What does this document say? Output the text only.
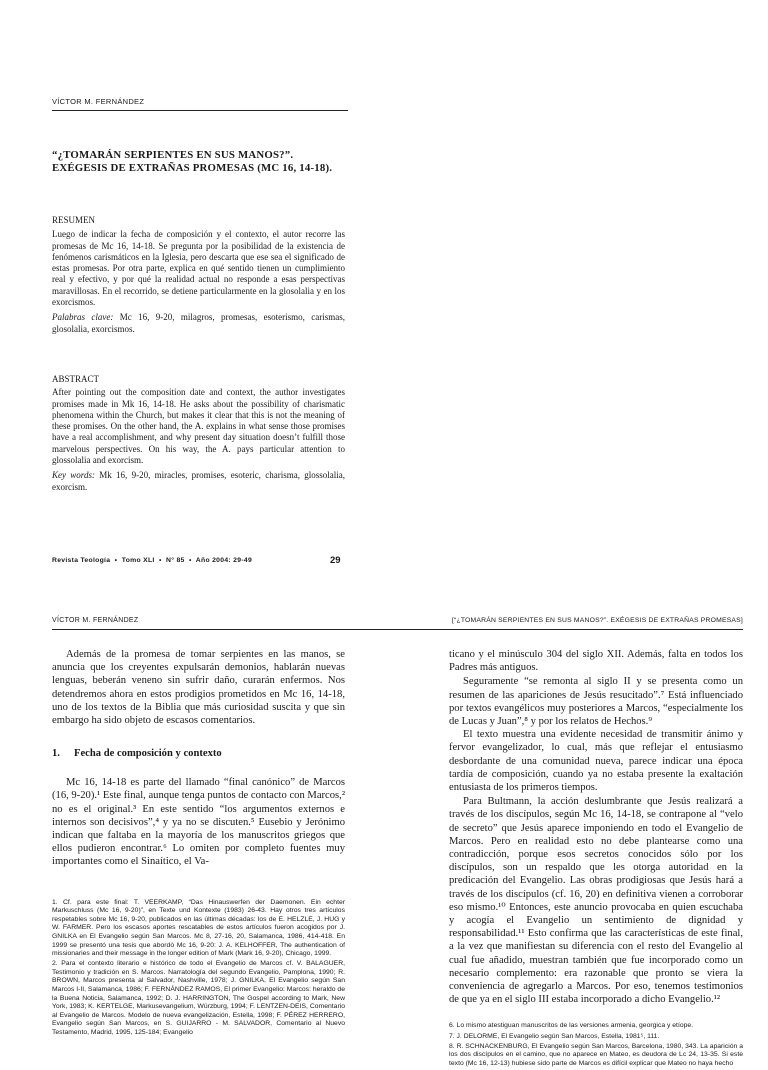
VÍCTOR M. FERNÁNDEZ
“¿TOMARÁN SERPIENTES EN SUS MANOS?”.
EXÉGESIS DE EXTRAÑAS PROMESAS (MC 16, 14-18).
RESUMEN

Luego de indicar la fecha de composición y el contexto, el autor recorre las promesas de Mc 16, 14-18. Se pregunta por la posibilidad de la existencia de fenómenos carismáticos en la Iglesia, pero descarta que ese sea el significado de estas promesas. Por otra parte, explica en qué sentido tienen un cumplimiento real y efectivo, y por qué la realidad actual no responde a esas perspectivas maravillosas. En el recorrido, se detiene particularmente en la glosolalia y en los exorcismos.

Palabras clave: Mc 16, 9-20, milagros, promesas, esoterismo, carismas, glosolalia, exorcismos.

ABSTRACT

After pointing out the composition date and context, the author investigates promises made in Mk 16, 14-18. He asks about the possibility of charismatic phenomena within the Church, but makes it clear that this is not the meaning of these promises. On the other hand, the A. explains in what sense those promises have a real accomplishment, and why present day situation doesn’t fulfill those marvelous perspectives. On his way, the A. pays particular attention to glossolalia and exorcism.

Key words: Mk 16, 9-20, miracles, promises, esoteric, charisma, glossolalia, exorcism.

Revista Teología  •  Tomo XLI  •  N° 85  •  Año 2004: 29-49	29
VÍCTOR M. FERNÁNDEZ	[“¿TOMARÁN SERPIENTES EN SUS MANOS?”. EXÉGESIS DE EXTRAÑAS PROMESAS]

Además de la promesa de tomar serpientes en las manos, se anuncia que los creyentes expulsarán demonios, hablarán nuevas lenguas, beberán veneno sin sufrir daño, curarán enfermos. Nos detendremos ahora en estos prodigios prometidos en Mc 16, 14-18, uno de los textos de la Biblia que más curiosidad suscita y que sin embargo ha sido objeto de escasos comentarios.

1. Fecha de composición y contexto

Mc 16, 14-18 es parte del llamado “final canónico” de Marcos (16, 9-20).¹ Este final, aunque tenga puntos de contacto con Marcos,² no es el original.³ En este sentido “los argumentos externos e internos son decisivos”,⁴ y ya no se discuten.⁵ Eusebio y Jerónimo indican que faltaba en la mayoría de los manuscritos griegos que ellos pudieron encontrar.⁶ Lo omiten por completo fuentes muy importantes como el Sinaítico, el Va-

1. Cf. para este final: T. VEERKAMP, “Das Hinauswerfen der Daemonen. Ein echter Markuschluss (Mc 16, 9-20)”, en Texte und Kontexte (1983) 26-43. Hay otros tres artículos respetables sobre Mc 16, 9-20, publicados en las últimas décadas: los de E. HELZLE, J. HUG y W. FARMER. Pero los escasos aportes rescatables de estos artículos fueron acogidos por J. GNILKA en El Evangelio según San Marcos. Mc 8, 27-16, 20, Salamanca, 1986, 414-418. En 1999 se presentó una tesis que abordó Mc 16, 9-20: J. A. KELHOFFER, The authentication of missionaries and their message in the longer edition of Mark (Mark 16, 9-20), Chicago, 1999.

2. Para el contexto literario e histórico de todo el Evangelio de Marcos cf. V. BALAGUER, Testimonio y tradición en S. Marcos. Narratología del segundo Evangelio, Pamplona, 1990; R. BROWN, Marcos presenta al Salvador, Nashville, 1978; J. GNILKA, El Evangelio según San Marcos I-II, Salamanca, 1986; F. FERNÁNDEZ RAMOS, El primer Evangelio: Marcos: heraldo de la Buena Noticia, Salamanca, 1992; D. J. HARRINGTON, The Gospel according to Mark, New York, 1983; K. KERTELGE, Markusevangelium, Würzburg, 1994; F. LENTZEN-DEIS, Comentario al Evangelio de Marcos. Modelo de nueva evangelización, Estella, 1998; F. PÉREZ HERRERO, Evangelio según San Marcos, en S. GUIJARRO - M. SALVADOR, Comentario al Nuevo Testamento, Madrid, 1995, 125-184; Evangelio

ticano y el minúsculo 304 del siglo XII. Además, falta en todos los Padres más antiguos.

Seguramente “se remonta al siglo II y se presenta como un resumen de las apariciones de Jesús resucitado”.⁷ Está influenciado por textos evangélicos muy posteriores a Marcos, “especialmente los de Lucas y Juan”,⁸ y por los relatos de Hechos.⁹

El texto muestra una evidente necesidad de transmitir ánimo y fervor evangelizador, lo cual, más que reflejar el entusiasmo desbordante de una comunidad nueva, parece indicar una época tardía de composición, cuando ya no estaba presente la exaltación entusiasta de los primeros tiempos.

Para Bultmann, la acción deslumbrante que Jesús realizará a través de los discípulos, según Mc 16, 14-18, se contrapone al “velo de secreto” que Jesús aparece imponiendo en todo el Evangelio de Marcos. Pero en realidad esto no debe plantearse como una contradicción, porque esos secretos conocidos sólo por los discípulos, son un respaldo que les otorga autoridad en la predicación del Evangelio. Las obras prodigiosas que Jesús hará a través de los discípulos (cf. 16, 20) en definitiva vienen a corroborar eso mismo.¹⁰ Entonces, este anuncio provocaba en quien escuchaba y acogía el Evangelio un sentimiento de dignidad y responsabilidad.¹¹ Esto confirma que las características de este final, a la vez que manifiestan su diferencia con el resto del Evangelio al cual fue añadido, muestran también que fue incorporado como un necesario complemento: era razonable que pronto se viera la conveniencia de agregarlo a Marcos. Por eso, tenemos testimonios de que ya en el siglo III estaba incorporado a dicho Evangelio.¹²

6. Lo mismo atestiguan manuscritos de las versiones armenia, georgica y etíope.

7. J. DELORME, El Evangelio según San Marcos, Estella, 1981⁵, 111.

8. R. SCHNACKENBURG, El Evangelio según San Marcos, Barcelona, 1980, 343. La aparición a los dos discípulos en el camino, que no aparece en Mateo, es deudora de Lc 24, 13-35. Si este texto (Mc 16, 12-13) hubiese sido parte de Marcos es difícil explicar que Mateo no haya hecho
